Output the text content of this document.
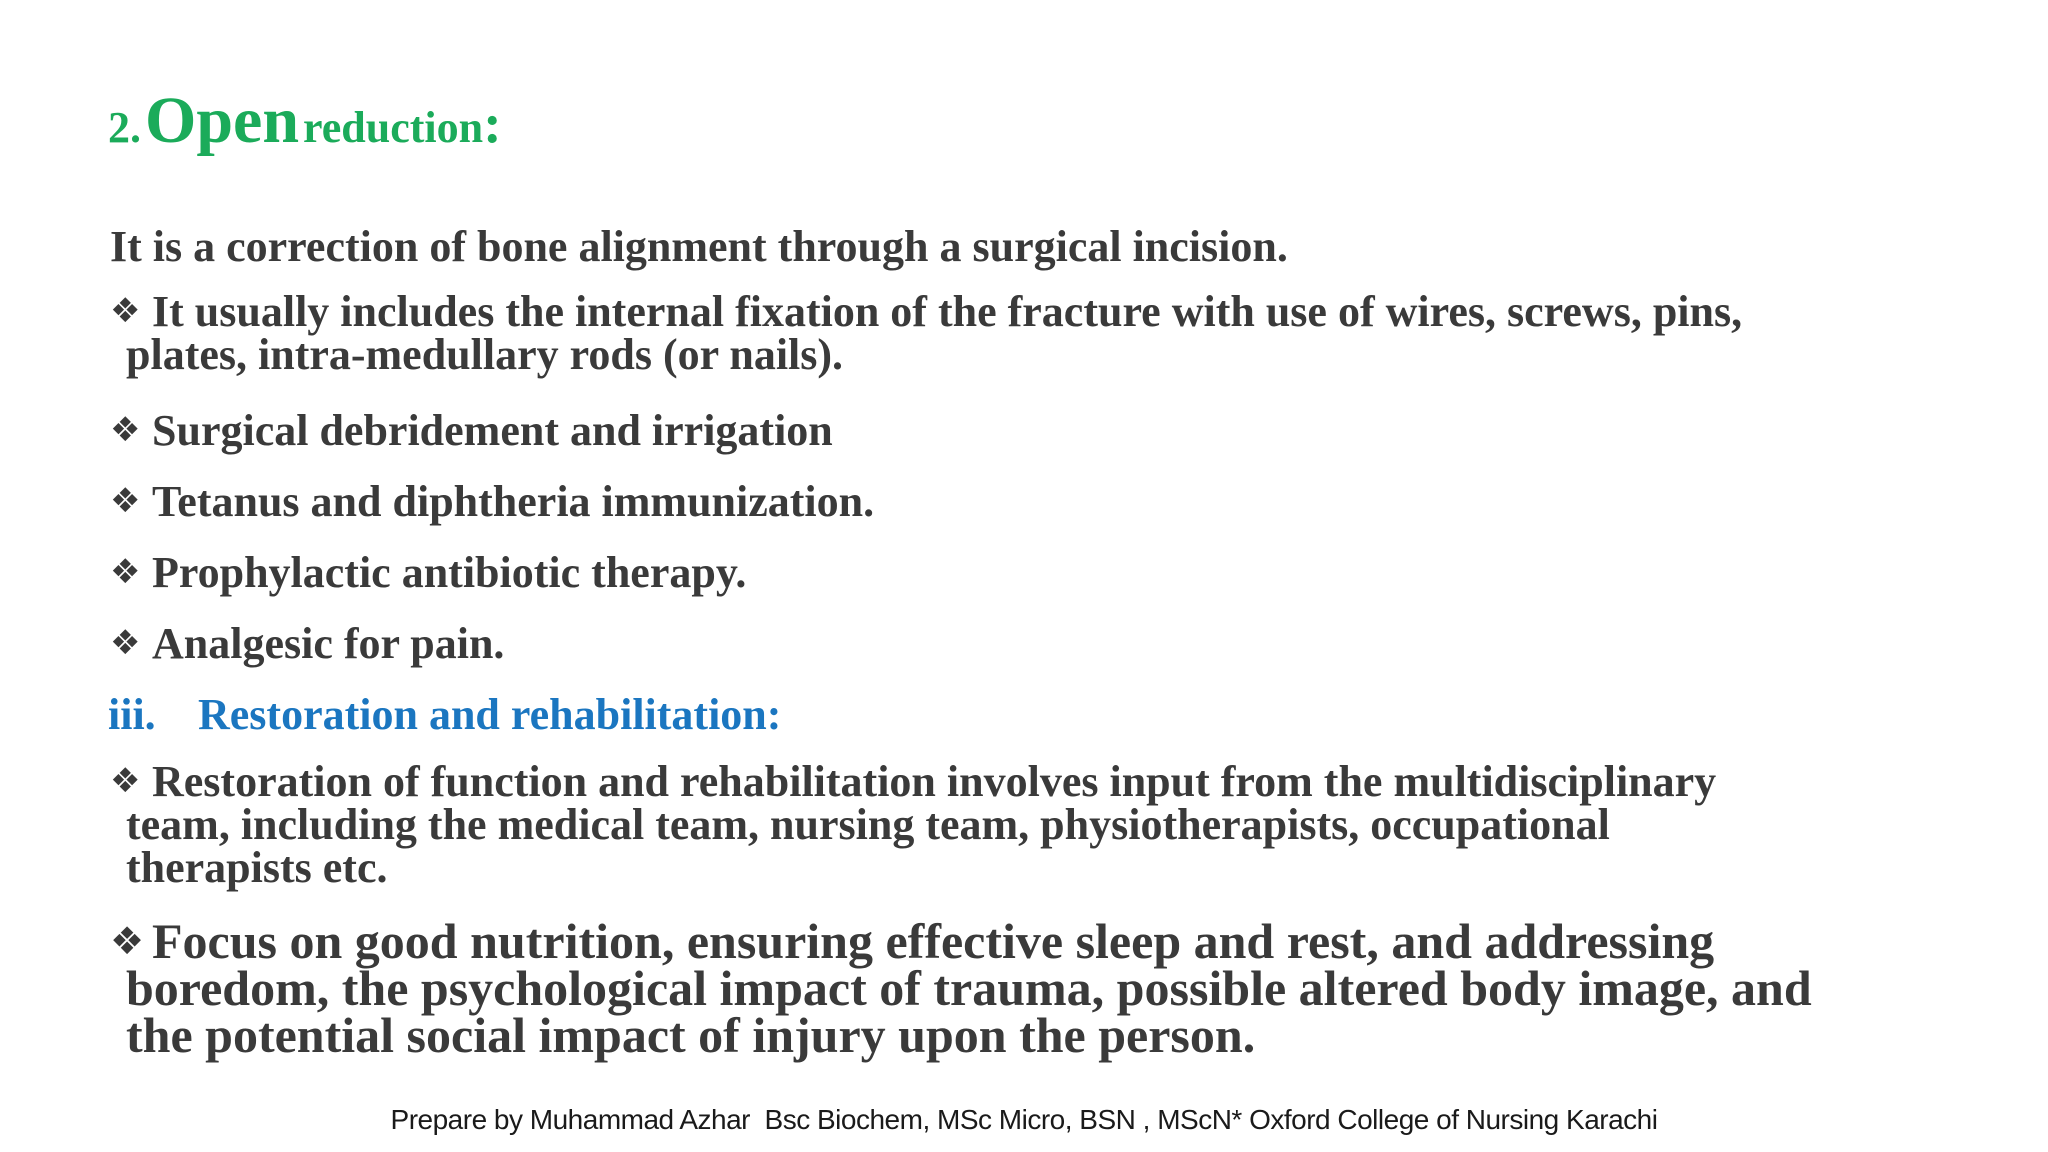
2. Open reduction:
It is a correction of bone alignment through a surgical incision.
❖ It usually includes the internal fixation of the fracture with use of wires, screws, pins,
plates, intra-medullary rods (or nails).
❖ Surgical debridement and irrigation
❖ Tetanus and diphtheria immunization.
❖ Prophylactic antibiotic therapy.
❖ Analgesic for pain.
iii. Restoration and rehabilitation:
❖ Restoration of function and rehabilitation involves input from the multidisciplinary
team, including the medical team, nursing team, physiotherapists, occupational
therapists etc.
❖ Focus on good nutrition, ensuring effective sleep and rest, and addressing
boredom, the psychological impact of trauma, possible altered body image, and
the potential social impact of injury upon the person.
Prepare by Muhammad Azhar  Bsc Biochem, MSc Micro, BSN , MScN* Oxford College of Nursing Karachi
